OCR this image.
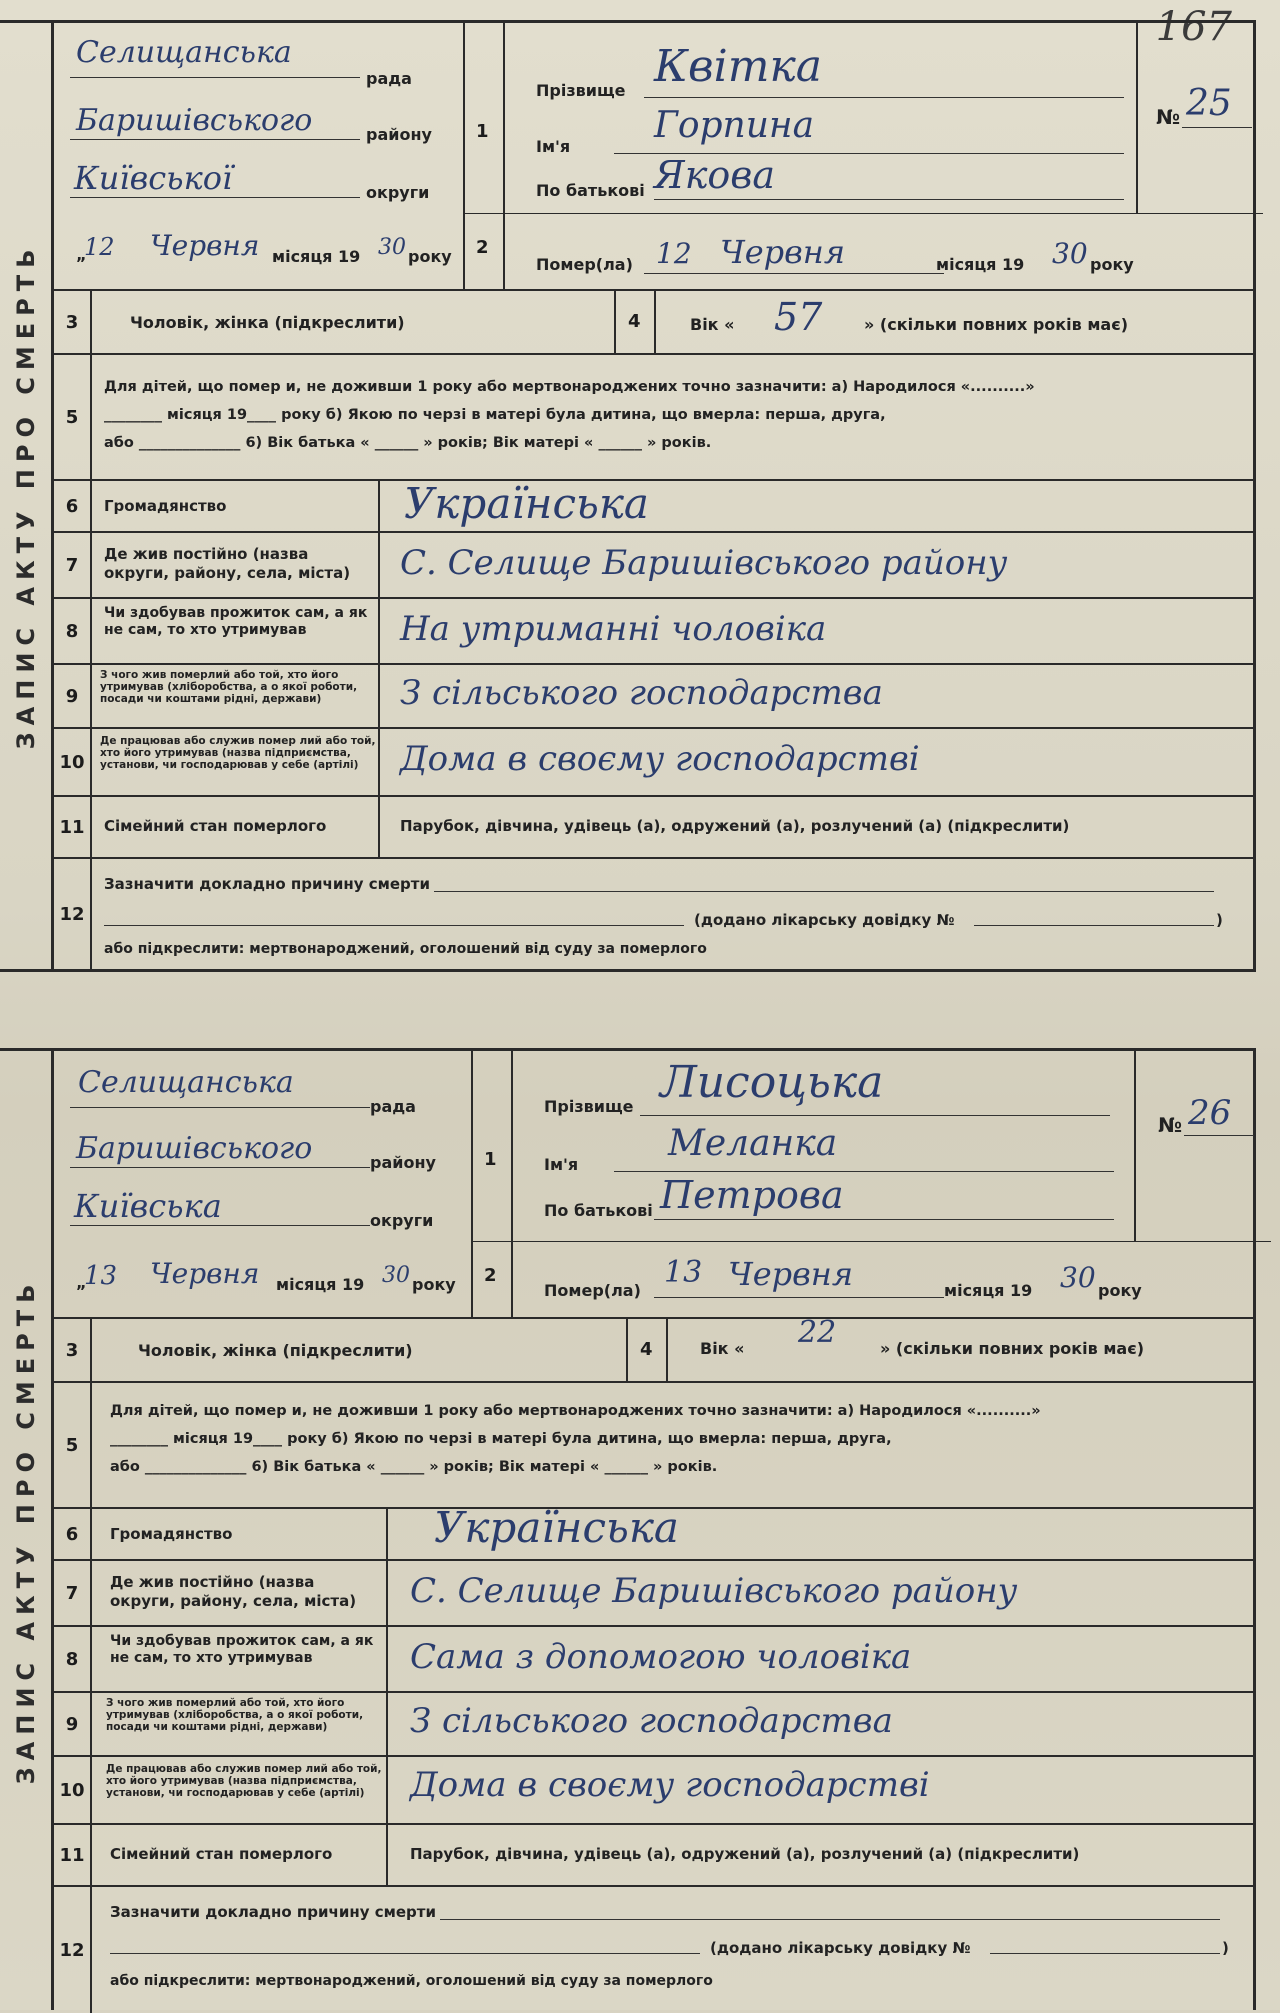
167
ЗАПИС АКТУ ПРО СМЕРТЬ
Селищанська
рада
Баришівського	району
Київської	округи
„
12 Червня місяця 19 30 року
1
2
Прізвище Квітка
Ім'я
Горпина
По батькові Яковa
№ 25
Помер(ла) 12 Червня	місяця 19 30 року
3	Чоловік, жінка (підкреслити)	4	Вік « 57	» (скільки повних років має)
5
Для дітей, що помер и, не доживши 1 року або мертвонароджених точно зазначити: а) Народилося «..........»
________ місяця 19____ року б) Якою по черзі в матері була дитина, що вмерла: перша, друга,
або ______________ 6) Вік батька « ______ » років; Вік матері « ______ » років.
6	Громадянство	Українська
7
Де жив постійно (назва округи, району, села, міста)	С. Селище Баришівського району
8
Чи здобував прожиток сам, а як не сам, то хто утримував	На утриманні чоловіка
9
З чого жив померлий або той, хто його утримував (хліборобства, а о якої роботи, посади чи коштами рідні, держави)	З сільського господарства
10
Де працював або служив помер лий або той, хто його утримував (назва підприємства, установи, чи господарював у себе (артілі)	Дома в своєму господарстві
11	Сімейний стан померлого	Парубок, дівчина, удівець (а), одружений (а), розлучений (а) (підкреслити)
12
Зазначити докладно причину смерти
(додано лікарську довідку №	)
або підкреслити: мертвонароджений, оголошений від суду за померлого
ЗАПИС АКТУ ПРО СМЕРТЬ
Селищанська
рада
Баришівського	району
Київська	округи
„
13 Червня місяця 19 30 року
1
2
Прізвище Лисоцька
Ім'я
Меланка
По батькові Петрова
№ 26
Помер(ла)
13 Червня	місяця 19 30 року
3	Чоловік, жінка (підкреслити)	4	Вік « 22	» (скільки повних років має)
5
Для дітей, що помер и, не доживши 1 року або мертвонароджених точно зазначити: а) Народилося «..........»
________ місяця 19____ року б) Якою по черзі в матері була дитина, що вмерла: перша, друга,
або ______________ 6) Вік батька « ______ » років; Вік матері « ______ » років.
6	Громадянство	Українська
7
Де жив постійно (назва округи, району, села, міста)	С. Селище Баришівського району
8
Чи здобував прожиток сам, а як не сам, то хто утримував	Сама з допомогою чоловіка
9
З чого жив померлий або той, хто його утримував (хліборобства, а о якої роботи, посади чи коштами рідні, держави)	З сільського господарства
10
Де працював або служив помер лий або той, хто його утримував (назва підприємства, установи, чи господарював у себе (артілі)	Дома в своєму господарстві
11	Сімейний стан померлого	Парубок, дівчина, удівець (а), одружений (а), розлучений (а) (підкреслити)
12
Зазначити докладно причину смерти
(додано лікарську довідку №	)
або підкреслити: мертвонароджений, оголошений від суду за померлого
